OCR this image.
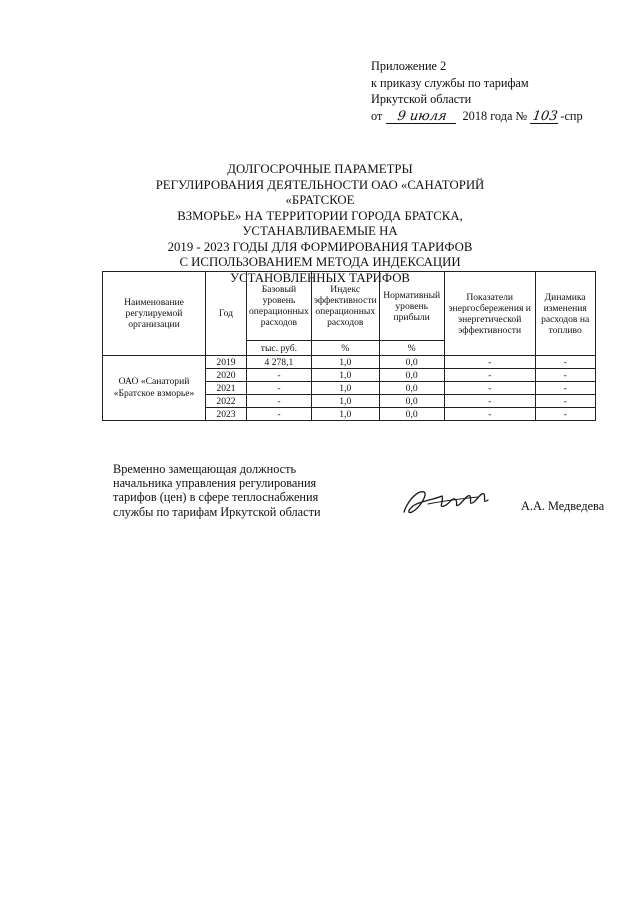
Приложение 2
к приказу службы по тарифам
Иркутской области
от 9 июля 2018 года № 103-спр
ДОЛГОСРОЧНЫЕ ПАРАМЕТРЫ
РЕГУЛИРОВАНИЯ ДЕЯТЕЛЬНОСТИ ОАО «САНАТОРИЙ «БРАТСКОЕ
ВЗМОРЬЕ» НА ТЕРРИТОРИИ ГОРОДА БРАТСКА, УСТАНАВЛИВАЕМЫЕ НА
2019 - 2023 ГОДЫ ДЛЯ ФОРМИРОВАНИЯ ТАРИФОВ
С ИСПОЛЬЗОВАНИЕМ МЕТОДА ИНДЕКСАЦИИ
УСТАНОВЛЕННЫХ ТАРИФОВ
Наименование регулируемой организации	Год	Базовый уровень операционных расходов	Индекс эффективности операционных расходов	Нормативный уровень прибыли	Показатели энергосбережения и энергетической эффективности	Динамика изменения расходов на топливо
		тыс. руб.	%	%		
ОАО «Санаторий «Братское взморье»	2019	4 278,1	1,0	0,0	-	-
	2020	-	1,0	0,0	-	-
	2021	-	1,0	0,0	-	-
	2022	-	1,0	0,0	-	-
	2023	-	1,0	0,0	-	-
Временно замещающая должность
начальника управления регулирования
тарифов (цен) в сфере теплоснабжения
службы по тарифам Иркутской области	А.А. Медведева
